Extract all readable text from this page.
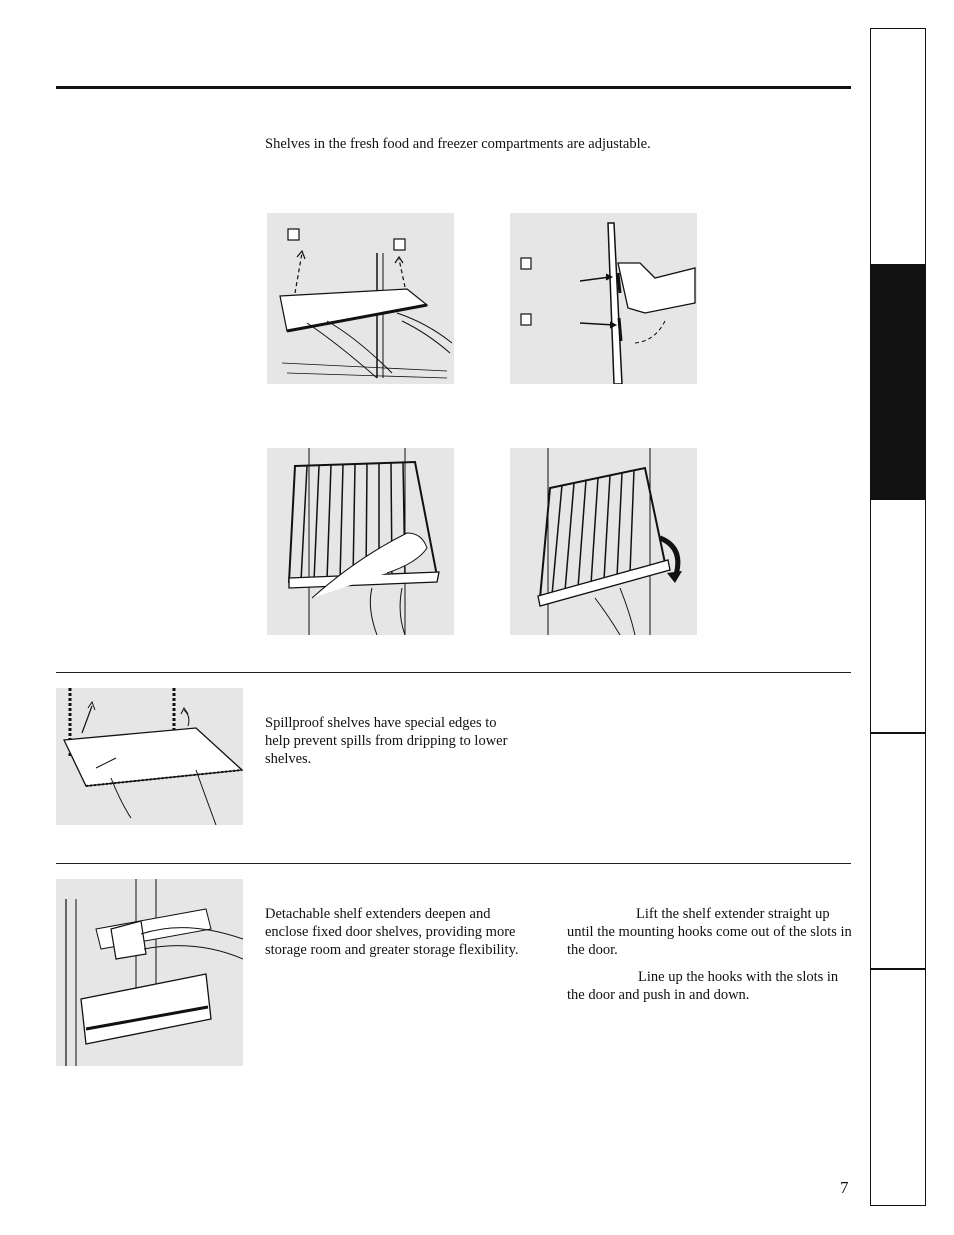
Shelves in the fresh food and freezer compartments are adjustable.
Spillproof shelves have special edges to help prevent spills from dripping to lower shelves.
Detachable shelf extenders deepen and enclose fixed door shelves, providing more storage room and greater storage flexibility.
Lift the shelf extender straight up until the mounting hooks come out of the slots in the door.
Line up the hooks with the slots in the door and push in and down.
7
